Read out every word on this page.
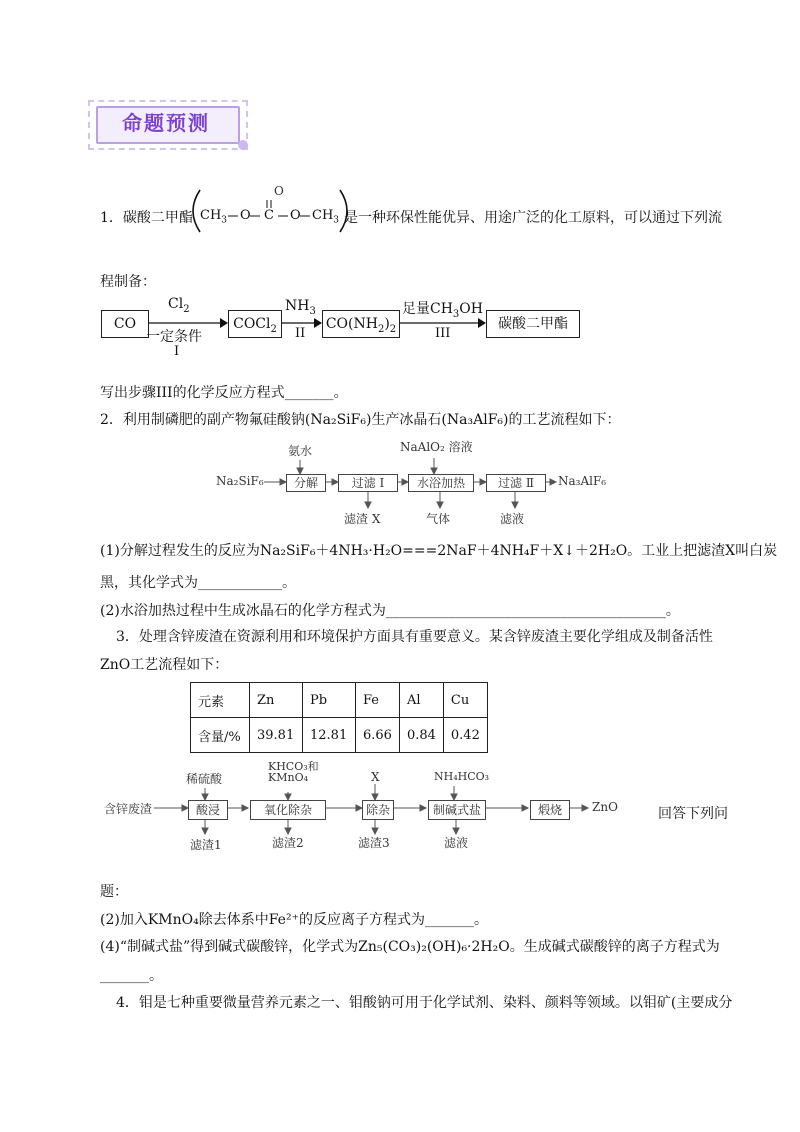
命题预测
1．碳酸二甲酯
O
$CH_3$ O C O $CH_3$ 是一种环保性能优异、用途广泛的化工原料，可以通过下列流
程制备：
CO
$Cl_2$
一定条件
I
COCl$_2$
$NH_3$
II
$CO(NH_2)_2$
足量$CH_3OH$
III
碳酸二甲酯
写出步骤III的化学反应方程式_______。
2．利用制磷肥的副产物氟硅酸钠(Na₂SiF₆)生产冰晶石(Na₃AlF₆)的工艺流程如下：
Na₂SiF₆
氨水
分解	过滤 Ⅰ
NaAlO₂ 溶液
水浴加热	过滤 Ⅱ	Na₃AlF₆
滤渣 X	气体	滤液
(1)分解过程发生的反应为Na₂SiF₆＋4NH₃·H₂O===2NaF＋4NH₄F＋X↓＋2H₂O。工业上把滤渣X叫白炭
黑，其化学式为____________。
(2)水浴加热过程中生成冰晶石的化学方程式为________________________________________。
3．处理含锌废渣在资源利用和环境保护方面具有重要意义。某含锌废渣主要化学组成及制备活性
ZnO工艺流程如下：
元素	Zn	Pb	Fe	Al	Cu
含量/%	39.81	12.81	6.66	0.84	0.42
含锌废渣
稀硫酸
酸浸
KHCO₃和
KMnO₄
氧化除杂
X
除杂
NH₄HCO₃
制碱式盐	煅烧	ZnO
滤渣1	滤渣2	滤渣3	滤液
回答下列问
题：
(2)加入KMnO₄除去体系中Fe²⁺的反应离子方程式为_______。
(4)“制碱式盐”得到碱式碳酸锌，化学式为Zn₅(CO₃)₂(OH)₆·2H₂O。生成碱式碳酸锌的离子方程式为
_______。
4．钼是七种重要微量营养元素之一、钼酸钠可用于化学试剂、染料、颜料等领域。以钼矿(主要成分
